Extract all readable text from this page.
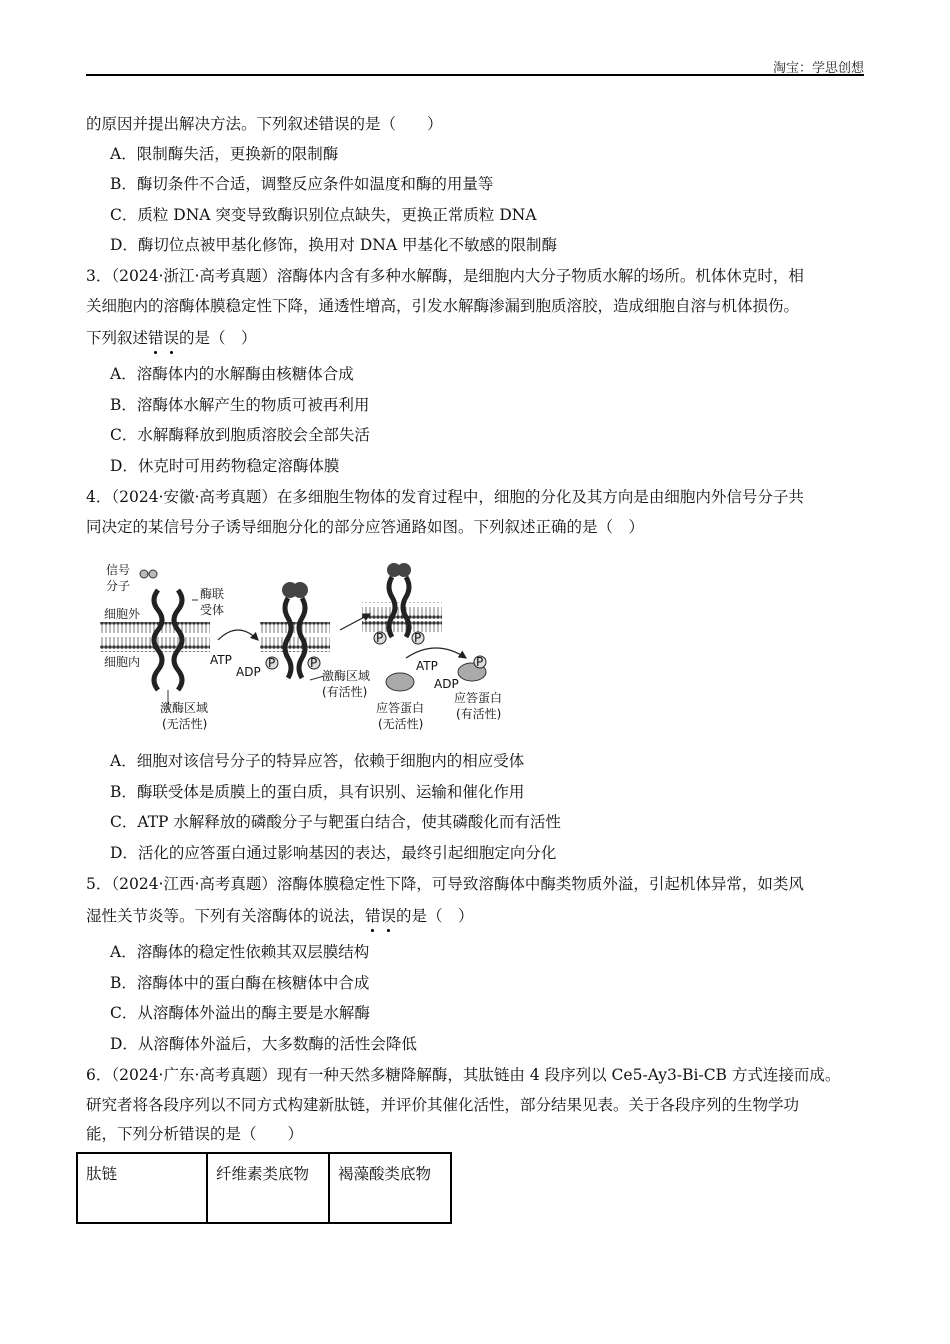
淘宝：学思创想
的原因并提出解决方法。下列叙述错误的是（　　）
A．限制酶失活，更换新的限制酶
B．酶切条件不合适，调整反应条件如温度和酶的用量等
C．质粒 DNA 突变导致酶识别位点缺失，更换正常质粒 DNA
D．酶切位点被甲基化修饰，换用对 DNA 甲基化不敏感的限制酶
3．（2024·浙江·高考真题）溶酶体内含有多种水解酶，是细胞内大分子物质水解的场所。机体休克时，相
关细胞内的溶酶体膜稳定性下降，通透性增高，引发水解酶渗漏到胞质溶胶，造成细胞自溶与机体损伤。
下列叙述错误的是（　）
A．溶酶体内的水解酶由核糖体合成
B．溶酶体水解产生的物质可被再利用
C．水解酶释放到胞质溶胶会全部失活
D．休克时可用药物稳定溶酶体膜
4．（2024·安徽·高考真题）在多细胞生物体的发育过程中，细胞的分化及其方向是由细胞内外信号分子共
同决定的某信号分子诱导细胞分化的部分应答通路如图。下列叙述正确的是（　）
信号
分子
细胞外
细胞内
酶联
受体
激酶区域
(无活性)
ATP
ADP
P	P
激酶区域
(有活性)
P	P
P
ATP
ADP
应答蛋白
(无活性)
应答蛋白
(有活性)
A．细胞对该信号分子的特异应答，依赖于细胞内的相应受体
B．酶联受体是质膜上的蛋白质，具有识别、运输和催化作用
C．ATP 水解释放的磷酸分子与靶蛋白结合，使其磷酸化而有活性
D．活化的应答蛋白通过影响基因的表达，最终引起细胞定向分化
5．（2024·江西·高考真题）溶酶体膜稳定性下降，可导致溶酶体中酶类物质外溢，引起机体异常，如类风
湿性关节炎等。下列有关溶酶体的说法，错误的是（　）
A．溶酶体的稳定性依赖其双层膜结构
B．溶酶体中的蛋白酶在核糖体中合成
C．从溶酶体外溢出的酶主要是水解酶
D．从溶酶体外溢后，大多数酶的活性会降低
6．（2024·广东·高考真题）现有一种天然多糖降解酶，其肽链由 4 段序列以 Ce5-Ay3-Bi-CB 方式连接而成。
研究者将各段序列以不同方式构建新肽链，并评价其催化活性，部分结果见表。关于各段序列的生物学功
能，下列分析错误的是（　　）
肽链	纤维素类底物	褐藻酸类底物
